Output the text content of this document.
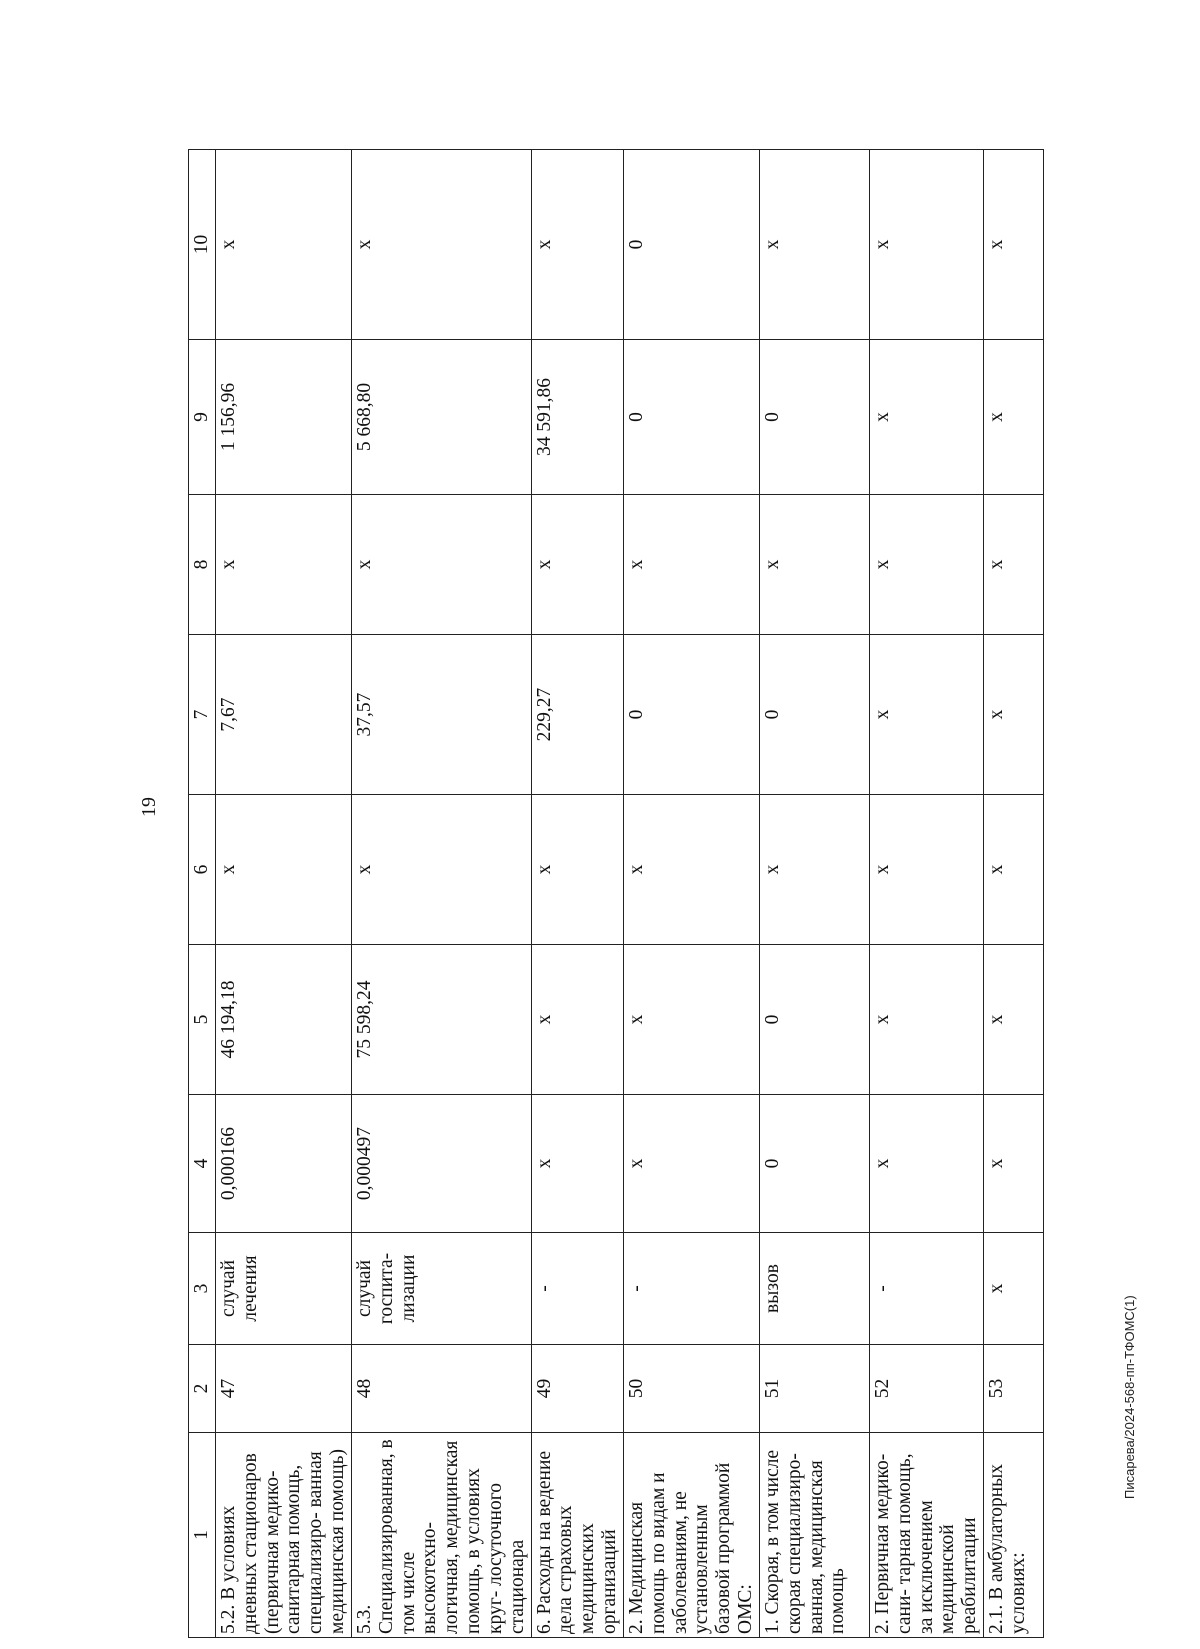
19
1	2	3	4	5	6	7	8	9	10
5.2. В условиях дневных стационаров (первичная медико-санитарная помощь, специализиро- ванная медицинская помощь)	47	случай лечения	0,000166	46 194,18	х	7,67	х	1 156,96	х
5.3. Специализированная, в том числе высокотехно- логичная, медицинская помощь, в условиях круг- лосуточного стационара	48	случай госпита- лизации	0,000497	75 598,24	х	37,57	х	5 668,80	х
6. Расходы на ведение дела страховых медицинских организаций	49	-	х	х	х	229,27	х	34 591,86	х
2. Медицинская помощь по видам и заболеваниям, не установленным базовой программой ОМС:	50	-	х	х	х	0	х	0	0
1. Скорая, в том числе скорая специализиро- ванная, медицинская помощь	51	вызов	0	0	х	0	х	0	х
2. Первичная медико-сани- тарная помощь, за исключением медицинской реабилитации	52	-	х	х	х	х	х	х	х
2.1. В амбулаторных условиях:	53	х	х	х	х	х	х	х	х
Писарева/2024-568-пп-ТФОМС(1)
